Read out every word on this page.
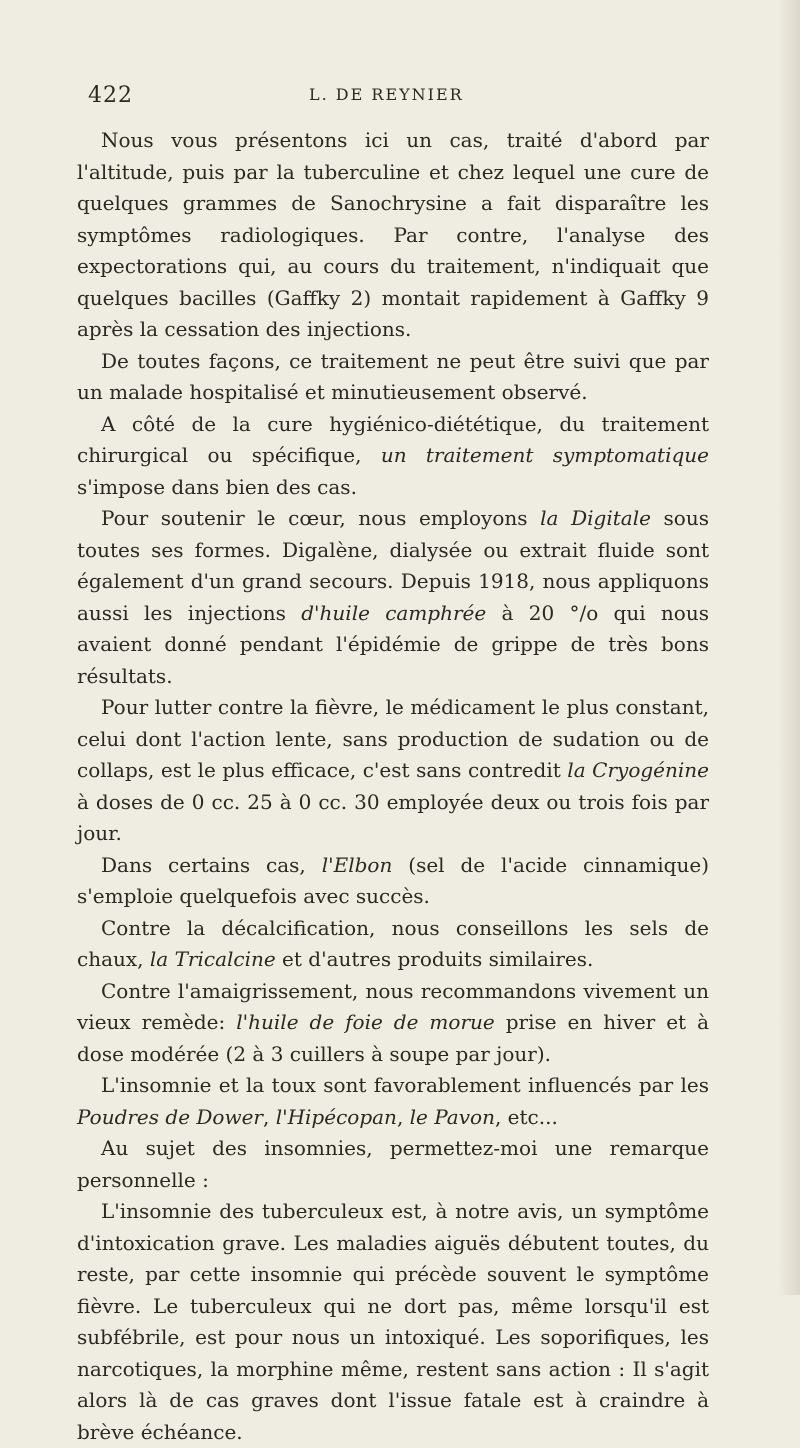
422	L. DE REYNIER

Nous vous présentons ici un cas, traité d'abord par l'altitude, puis par la tuberculine et chez lequel une cure de quelques grammes de Sanochrysine a fait disparaître les symptômes radiologiques. Par contre, l'analyse des expectorations qui, au cours du traitement, n'indiquait que quelques bacilles (Gaffky 2) montait rapidement à Gaffky 9 après la cessation des injections.

De toutes façons, ce traitement ne peut être suivi que par un malade hospitalisé et minutieusement observé.

A côté de la cure hygiénico-diététique, du traitement chirurgical ou spécifique, un traitement symptomatique s'impose dans bien des cas.

Pour soutenir le cœur, nous employons la Digitale sous toutes ses formes. Digalène, dialysée ou extrait fluide sont également d'un grand secours. Depuis 1918, nous appliquons aussi les injections d'huile camphrée à 20 °/o qui nous avaient donné pendant l'épidémie de grippe de très bons résultats.

Pour lutter contre la fièvre, le médicament le plus constant, celui dont l'action lente, sans production de sudation ou de collaps, est le plus efficace, c'est sans contredit la Cryogénine à doses de 0 cc. 25 à 0 cc. 30 employée deux ou trois fois par jour.

Dans certains cas, l'Elbon (sel de l'acide cinnamique) s'emploie quelquefois avec succès.

Contre la décalcification, nous conseillons les sels de chaux, la Tricalcine et d'autres produits similaires.

Contre l'amaigrissement, nous recommandons vivement un vieux remède: l'huile de foie de morue prise en hiver et à dose modérée (2 à 3 cuillers à soupe par jour).

L'insomnie et la toux sont favorablement influencés par les Poudres de Dower, l'Hipécopan, le Pavon, etc...

Au sujet des insomnies, permettez-moi une remarque personnelle :

L'insomnie des tuberculeux est, à notre avis, un symptôme d'intoxication grave. Les maladies aiguës débutent toutes, du reste, par cette insomnie qui précède souvent le symptôme fièvre. Le tuberculeux qui ne dort pas, même lorsqu'il est subfébrile, est pour nous un intoxiqué. Les soporifiques, les narcotiques, la morphine même, restent sans action : Il s'agit alors là de cas graves dont l'issue fatale est à craindre à brève échéance.
